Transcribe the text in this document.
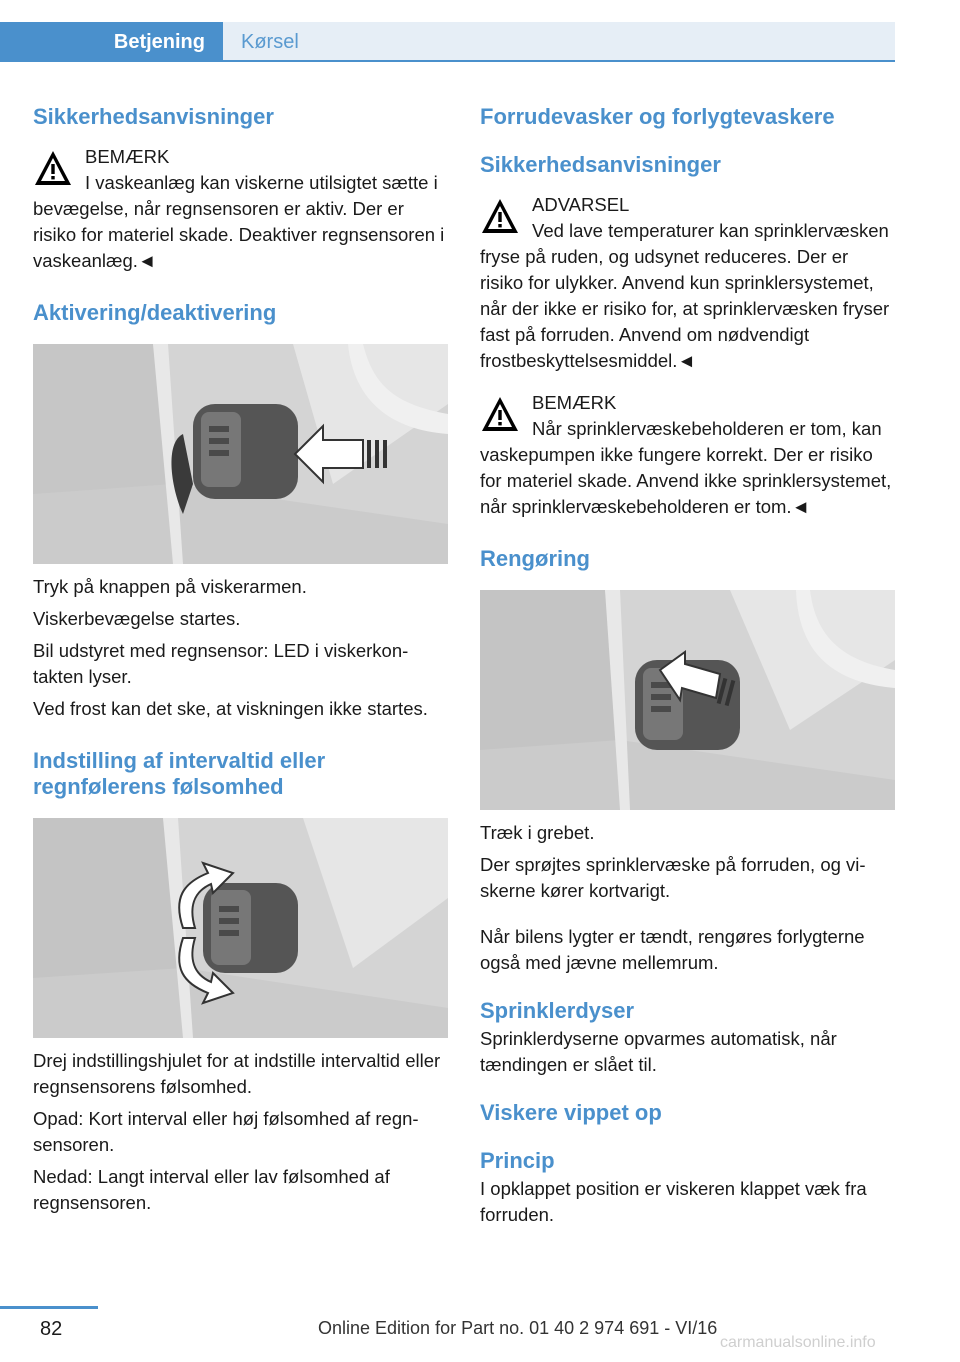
Betjening	Kørsel
Sikkerhedsanvisninger
BEMÆRK

I vaskeanlæg kan viskerne utilsigtet sætte i bevægelse, når regnsensoren er aktiv. Der er risiko for materiel skade. Deaktiver regnsensoren i vaskeanlæg.◄

Aktivering/deaktivering

Tryk på knappen på viskerarmen.

Viskerbevægelse startes.

Bil udstyret med regnsensor: LED i viskerkontakten lyser.

Ved frost kan det ske, at viskningen ikke startes.

Indstilling af intervaltid eller regnfølerens følsomhed

Drej indstillingshjulet for at indstille intervaltid eller regnsensorens følsomhed.

Opad: Kort interval eller høj følsomhed af regnsensoren.

Nedad: Langt interval eller lav følsomhed af regnsensoren.

Forrudevasker og forlygtevaskere
Sikkerhedsanvisninger
ADVARSEL

Ved lave temperaturer kan sprinklervæsken fryse på ruden, og udsynet reduceres. Der er risiko for ulykker. Anvend kun sprinklersystemet, når der ikke er risiko for, at sprinklervæsken fryser fast på forruden. Anvend om nødvendigt frostbeskyttelsesmiddel.◄

BEMÆRK

Når sprinklervæskebeholderen er tom, kan vaskepumpen ikke fungere korrekt. Der er risiko for materiel skade. Anvend ikke sprinklersystemet, når sprinklervæskebeholderen er tom.◄

Rengøring

Træk i grebet.

Der sprøjtes sprinklervæske på forruden, og viskerne kører kortvarigt.

Når bilens lygter er tændt, rengøres forlygterne også med jævne mellemrum.

Sprinklerdyser

Sprinklerdyserne opvarmes automatisk, når tændingen er slået til.

Viskere vippet op
Princip

I opklappet position er viskeren klappet væk fra forruden.

82	Online Edition for Part no. 01 40 2 974 691 - VI/16
carmanualsonline.info
